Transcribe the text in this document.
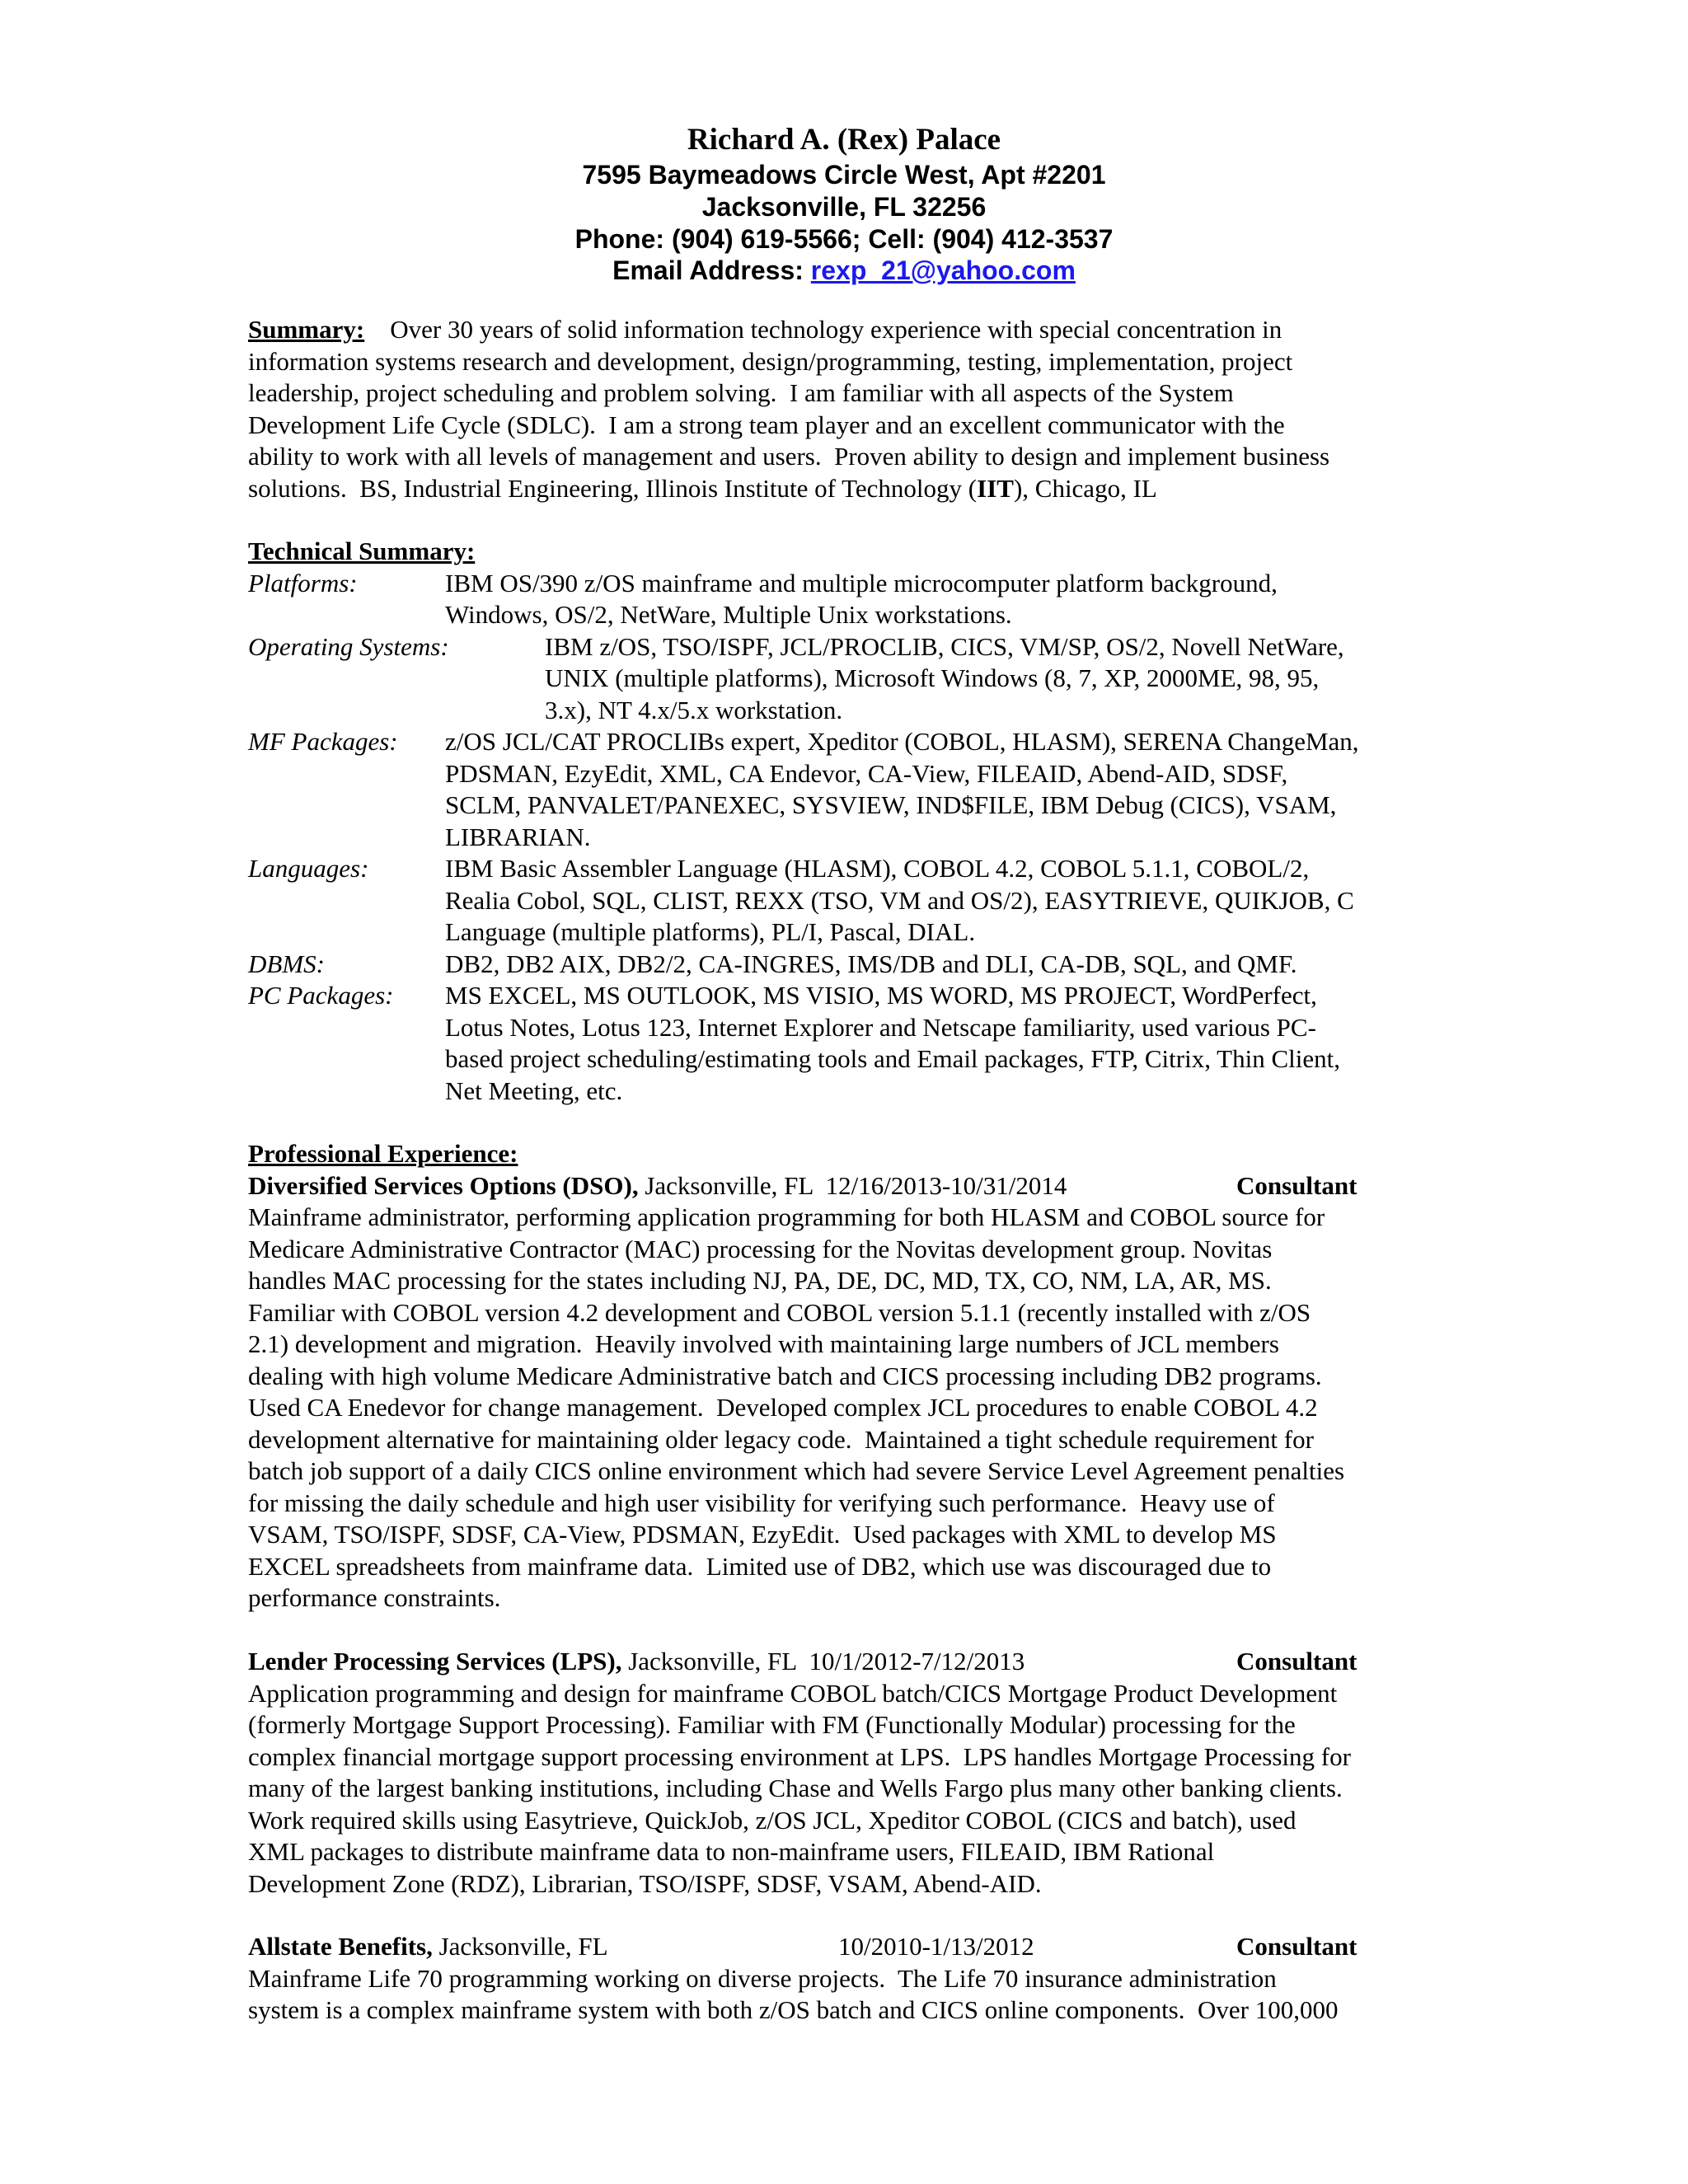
Richard A. (Rex) Palace
7595 Baymeadows Circle West, Apt #2201
Jacksonville, FL 32256
Phone: (904) 619-5566; Cell: (904) 412-3537
Email Address: rexp_21@yahoo.com
Summary: Over 30 years of solid information technology experience with special concentration in
information systems research and development, design/programming, testing, implementation, project
leadership, project scheduling and problem solving.  I am familiar with all aspects of the System
Development Life Cycle (SDLC).  I am a strong team player and an excellent communicator with the
ability to work with all levels of management and users.  Proven ability to design and implement business
solutions.  BS, Industrial Engineering, Illinois Institute of Technology (IIT), Chicago, IL
Technical Summary:
Platforms:	IBM OS/390 z/OS mainframe and multiple microcomputer platform background,
Windows, OS/2, NetWare, Multiple Unix workstations.
Operating Systems:	IBM z/OS, TSO/ISPF, JCL/PROCLIB, CICS, VM/SP, OS/2, Novell NetWare,
UNIX (multiple platforms), Microsoft Windows (8, 7, XP, 2000ME, 98, 95,
3.x), NT 4.x/5.x workstation.
MF Packages: z/OS JCL/CAT PROCLIBs expert, Xpeditor (COBOL, HLASM), SERENA ChangeMan,
PDSMAN, EzyEdit, XML, CA Endevor, CA-View, FILEAID, Abend-AID, SDSF,
SCLM, PANVALET/PANEXEC, SYSVIEW, IND$FILE, IBM Debug (CICS), VSAM,
LIBRARIAN.
Languages:	IBM Basic Assembler Language (HLASM), COBOL 4.2, COBOL 5.1.1, COBOL/2,
Realia Cobol, SQL, CLIST, REXX (TSO, VM and OS/2), EASYTRIEVE, QUIKJOB, C
Language (multiple platforms), PL/I, Pascal, DIAL.
DBMS:	DB2, DB2 AIX, DB2/2, CA-INGRES, IMS/DB and DLI, CA-DB, SQL, and QMF.
PC Packages: MS EXCEL, MS OUTLOOK, MS VISIO, MS WORD, MS PROJECT, WordPerfect,
Lotus Notes, Lotus 123, Internet Explorer and Netscape familiarity, used various PC-
based project scheduling/estimating tools and Email packages, FTP, Citrix, Thin Client,
Net Meeting, etc.
Professional Experience:
Diversified Services Options (DSO), Jacksonville, FL 12/16/2013-10/31/2014	Consultant
Mainframe administrator, performing application programming for both HLASM and COBOL source for
Medicare Administrative Contractor (MAC) processing for the Novitas development group. Novitas
handles MAC processing for the states including NJ, PA, DE, DC, MD, TX, CO, NM, LA, AR, MS.
Familiar with COBOL version 4.2 development and COBOL version 5.1.1 (recently installed with z/OS
2.1) development and migration.  Heavily involved with maintaining large numbers of JCL members
dealing with high volume Medicare Administrative batch and CICS processing including DB2 programs.
Used CA Enedevor for change management.  Developed complex JCL procedures to enable COBOL 4.2
development alternative for maintaining older legacy code.  Maintained a tight schedule requirement for
batch job support of a daily CICS online environment which had severe Service Level Agreement penalties
for missing the daily schedule and high user visibility for verifying such performance.  Heavy use of
VSAM, TSO/ISPF, SDSF, CA-View, PDSMAN, EzyEdit.  Used packages with XML to develop MS
EXCEL spreadsheets from mainframe data.  Limited use of DB2, which use was discouraged due to
performance constraints.
Lender Processing Services (LPS), Jacksonville, FL 10/1/2012-7/12/2013	Consultant
Application programming and design for mainframe COBOL batch/CICS Mortgage Product Development
(formerly Mortgage Support Processing). Familiar with FM (Functionally Modular) processing for the
complex financial mortgage support processing environment at LPS.  LPS handles Mortgage Processing for
many of the largest banking institutions, including Chase and Wells Fargo plus many other banking clients.
Work required skills using Easytrieve, QuickJob, z/OS JCL, Xpeditor COBOL (CICS and batch), used
XML packages to distribute mainframe data to non-mainframe users, FILEAID, IBM Rational
Development Zone (RDZ), Librarian, TSO/ISPF, SDSF, VSAM, Abend-AID.
Allstate Benefits, Jacksonville, FL	10/2010-1/13/2012	Consultant
Mainframe Life 70 programming working on diverse projects.  The Life 70 insurance administration
system is a complex mainframe system with both z/OS batch and CICS online components.  Over 100,000
